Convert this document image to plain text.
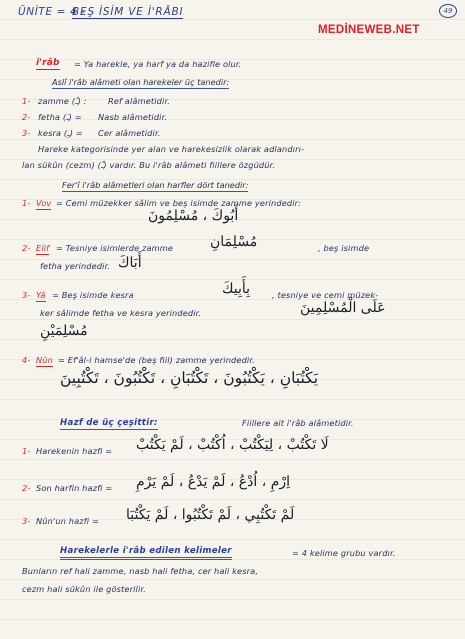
ÜNİTE = 4 -
BEŞ İSİM VE İ'RÂBI
MEDİNEWEB.NET
49
i'râb = Ya harekle, ya harf ya da hazifle olur.
Aslî i'râb alâmeti olan harekeler üç tanedir:
1- zamme (ـُ) :	Ref alâmetidir.
2- fetha (ـَ) = Nasb alâmetidir.
3- kesra (ـِ) = Cer alâmetidir.
Hareke kategorisinde yer alan ve harekesizlik olarak adlandırı-
lan sükûn (cezm) (ـْ) vardır. Bu i'râb alâmeti fiillere özgüdür.
Fer'î i'râb alâmetleri olan harfler dört tanedir:
1- Vov = Cemi müzekker sâlim ve beş isimde zamme yerindedir:
أَبُوكَ ، مُسْلِمُونَ
2- Elif = Tesniye isimlerde zamme	مُسْلِمَانِ	, beş isimde
fetha yerindedir. أَبَاكَ
3- Yâ = Beş isimde kesra	بِأَبِيكَ	, tesniye ve cemi müzek-
ker sâlimde fetha ve kesra yerindedir.	عَلَى الْمُسْلِمِينَ
مُسْلِمَيْنِ
4- Nûn = Ef'âl-i hamse'de (beş fiil) zamme yerindedir.
يَكْتُبَانِ ، يَكْتُبُونَ ، تَكْتُبَانِ ، تَكْتُبُونَ ، تَكْتُبِينَ
Hazf de üç çeşittir:	Fiillere ait i'râb alâmetidir.
1- Harekenin hazfi = لَا تَكْتُبْ ، لِيَكْتُبْ ، اُكْتُبْ ، لَمْ يَكْتُبْ
2- Son harfin hazfi = اِرْمِ ، اُدْعُ ، لَمْ يَدْعُ ، لَمْ يَرْمِ
3- Nûn'un hazfi = لَمْ تَكْتُبِي ، لَمْ تَكْتُبُوا ، لَمْ يَكْتُبَا
Harekelerle i'râb edilen kelimeler	= 4 kelime grubu vardır.
Bunların ref hali zamme, nasb hali fetha, cer hali kesra,
cezm hali sükûn ile gösterilir.
